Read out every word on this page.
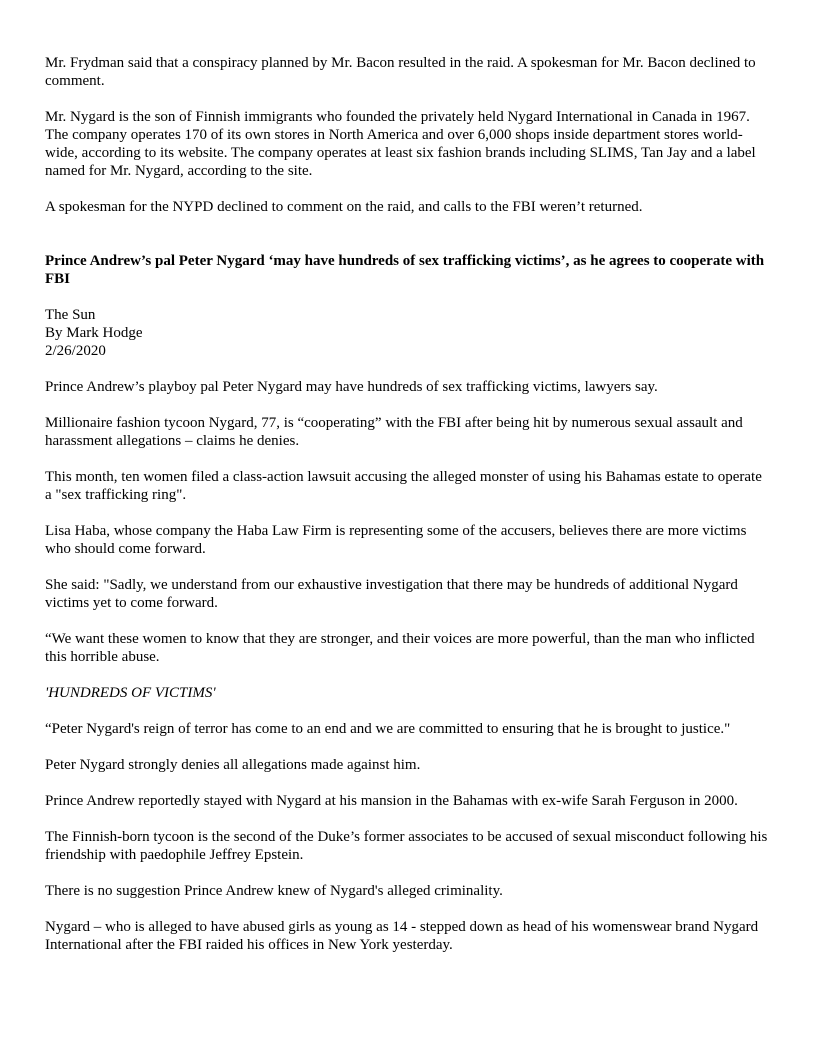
Mr. Frydman said that a conspiracy planned by Mr. Bacon resulted in the raid. A spokesman for Mr. Bacon declined to comment.

Mr. Nygard is the son of Finnish immigrants who founded the privately held Nygard International in Canada in 1967. The company operates 170 of its own stores in North America and over 6,000 shops inside department stores world-wide, according to its website. The company operates at least six fashion brands including SLIMS, Tan Jay and a label named for Mr. Nygard, according to the site.

A spokesman for the NYPD declined to comment on the raid, and calls to the FBI weren’t returned.

Prince Andrew’s pal Peter Nygard ‘may have hundreds of sex trafficking victims’, as he agrees to cooperate with FBI

The Sun
By Mark Hodge
2/26/2020

Prince Andrew’s playboy pal Peter Nygard may have hundreds of sex trafficking victims, lawyers say.

Millionaire fashion tycoon Nygard, 77, is “cooperating” with the FBI after being hit by numerous sexual assault and harassment allegations – claims he denies.

This month, ten women filed a class-action lawsuit accusing the alleged monster of using his Bahamas estate to operate a "sex trafficking ring".

Lisa Haba, whose company the Haba Law Firm is representing some of the accusers, believes there are more victims who should come forward.

She said: "Sadly, we understand from our exhaustive investigation that there may be hundreds of additional Nygard victims yet to come forward.

“We want these women to know that they are stronger, and their voices are more powerful, than the man who inflicted this horrible abuse.

'HUNDREDS OF VICTIMS'

“Peter Nygard's reign of terror has come to an end and we are committed to ensuring that he is brought to justice."

Peter Nygard strongly denies all allegations made against him.

Prince Andrew reportedly stayed with Nygard at his mansion in the Bahamas with ex-wife Sarah Ferguson in 2000.

The Finnish-born tycoon is the second of the Duke’s former associates to be accused of sexual misconduct following his friendship with paedophile Jeffrey Epstein.

There is no suggestion Prince Andrew knew of Nygard's alleged criminality.

Nygard – who is alleged to have abused girls as young as 14 - stepped down as head of his womenswear brand Nygard International after the FBI raided his offices in New York yesterday.
